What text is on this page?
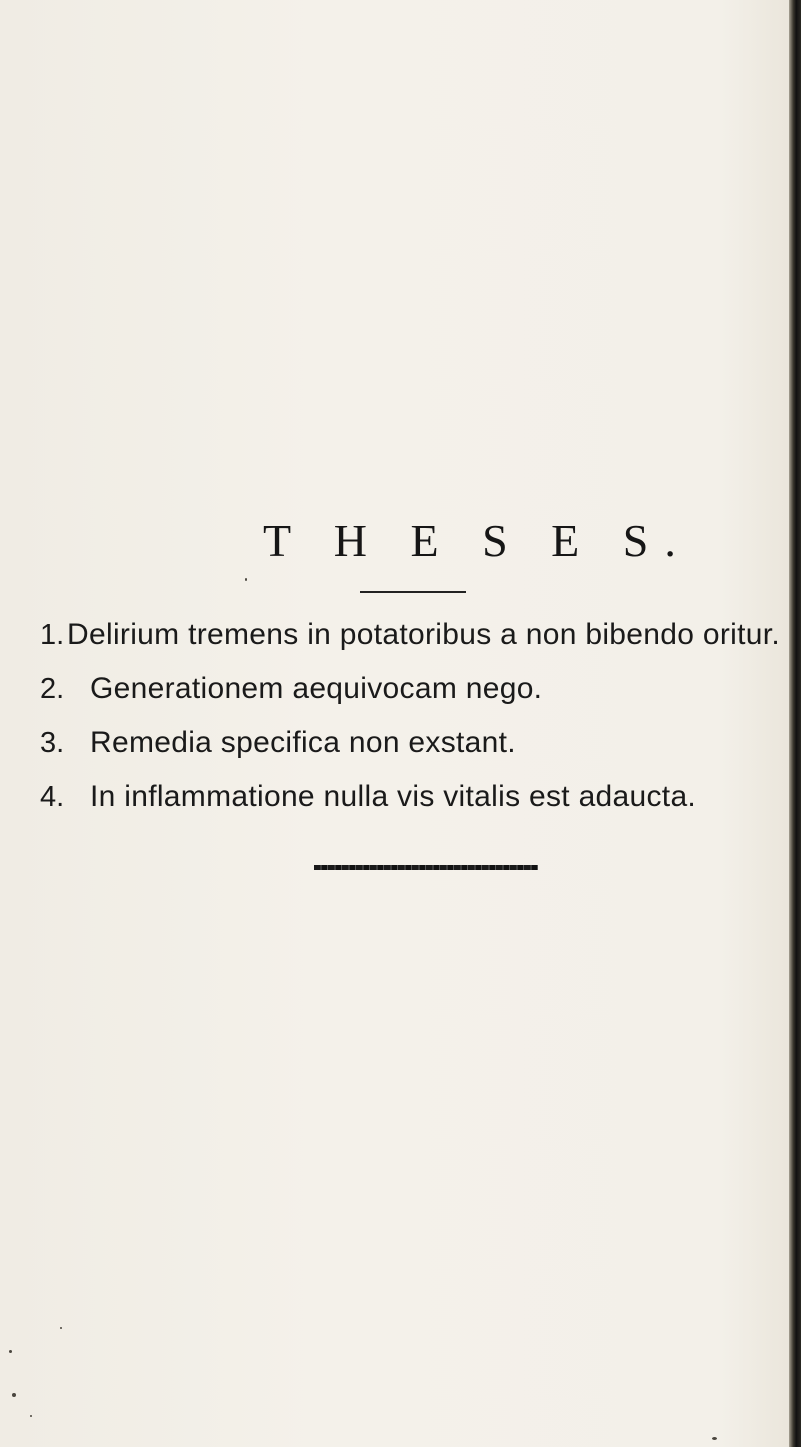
T H E S E S.
1. Delirium tremens in potatoribus a non bibendo oritur.
2. Generationem aequivocam nego.
3. Remedia specifica non exstant.
4. In inflammatione nulla vis vitalis est adaucta.
